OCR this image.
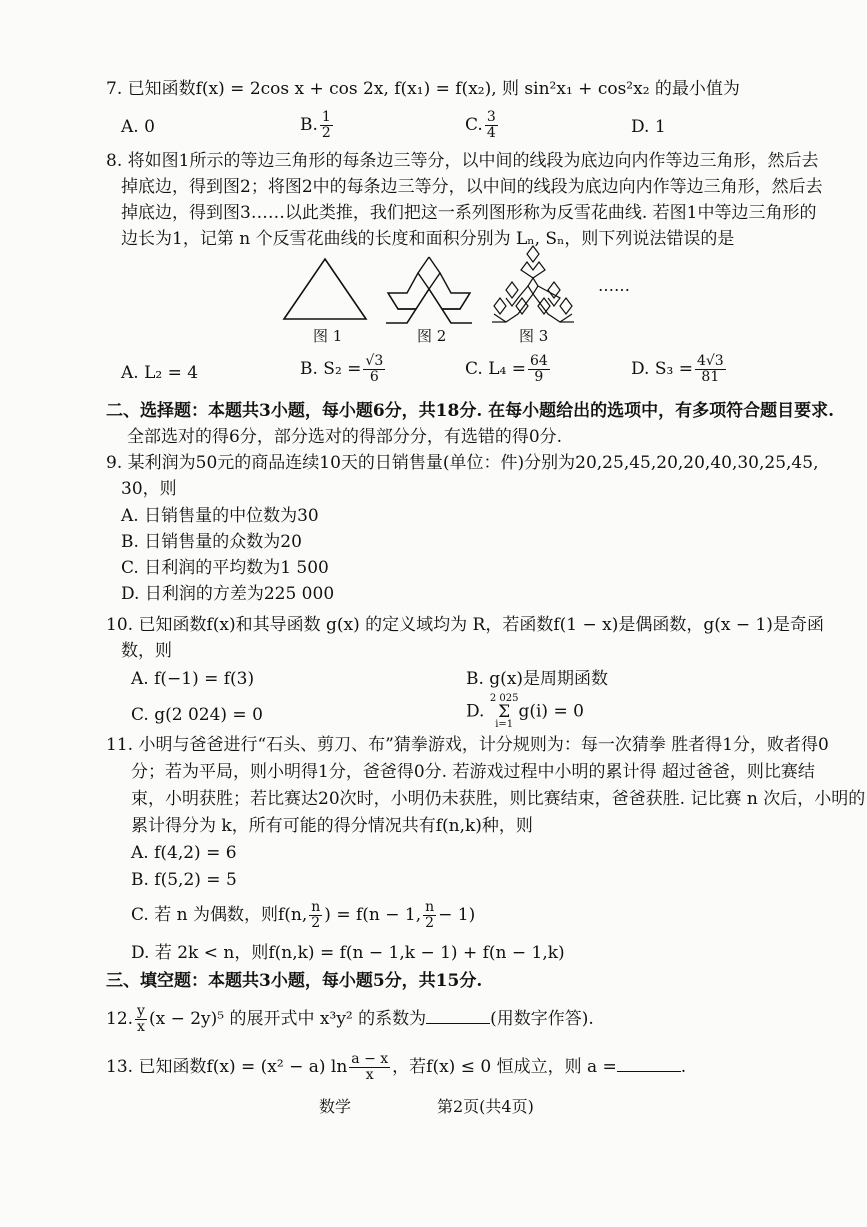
7. 已知函数f(x) = 2cos x + cos 2x, f(x₁) = f(x₂), 则 sin²x₁ + cos²x₂ 的最小值为
A. 0	B. $\frac{1}{2}$	C. $\frac{3}{4}$	D. 1
8. 将如图1所示的等边三角形的每条边三等分，以中间的线段为底边向内作等边三角形，然后去
掉底边，得到图2；将图2中的每条边三等分，以中间的线段为底边向内作等边三角形，然后去
掉底边，得到图3……以此类推，我们把这一系列图形称为反雪花曲线. 若图1中等边三角形的
边长为1，记第 n 个反雪花曲线的长度和面积分别为 Lₙ, Sₙ，则下列说法错误的是
……
图 1	图 2	图 3
A. L₂ = 4	B. $S_2 = \frac{√3}{6}$	C. $L_4 = \frac{64}{9}$	D. $S_3 = \frac{4√3}{81}$
二、选择题：本题共3小题，每小题6分，共18分. 在每小题给出的选项中，有多项符合题目要求.
全部选对的得6分，部分选对的得部分分，有选错的得0分.
9. 某利润为50元的商品连续10天的日销售量(单位：件)分别为20,25,45,20,20,40,30,25,45,
30，则
A. 日销售量的中位数为30
B. 日销售量的众数为20
C. 日利润的平均数为1 500
D. 日利润的方差为225 000
10. 已知函数f(x)和其导函数 g(x) 的定义域均为 R，若函数f(1 − x)是偶函数，g(x − 1)是奇函
数，则
A. f(−1) = f(3)	B. g(x)是周期函数
C. g(2 024) = 0	D.
2 025
Σ
i=1
g(i) = 0
11. 小明与爸爸进行“石头、剪刀、布”猜拳游戏，计分规则为：每一次猜拳 胜者得1分，败者得0
分；若为平局，则小明得1分，爸爸得0分. 若游戏过程中小明的累计得 超过爸爸，则比赛结
束，小明获胜；若比赛达20次时，小明仍未获胜，则比赛结束，爸爸获胜. 记比赛 n 次后，小明的
累计得分为 k，所有可能的得分情况共有f(n,k)种，则
A. f(4,2) = 6
B. f(5,2) = 5
C. 若 n 为偶数，则f(n, $\frac{n}{2}$ ) = f(n − 1, $\frac{n}{2} - 1$)
D. 若 2k < n，则f(n,k) = f(n − 1,k − 1) + f(n − 1,k)
三、填空题：本题共3小题，每小题5分，共15分.
12. $\frac{y}{x} (x - 2y)^5$ 的展开式中 x³y² 的系数为	(用数字作答).
13. 已知函数f(x) = (x² − a) $\ln \frac{a - x}{x}$ ，若f(x) ≤ 0 恒成立，则 a =	.
数学	第2页(共4页)
